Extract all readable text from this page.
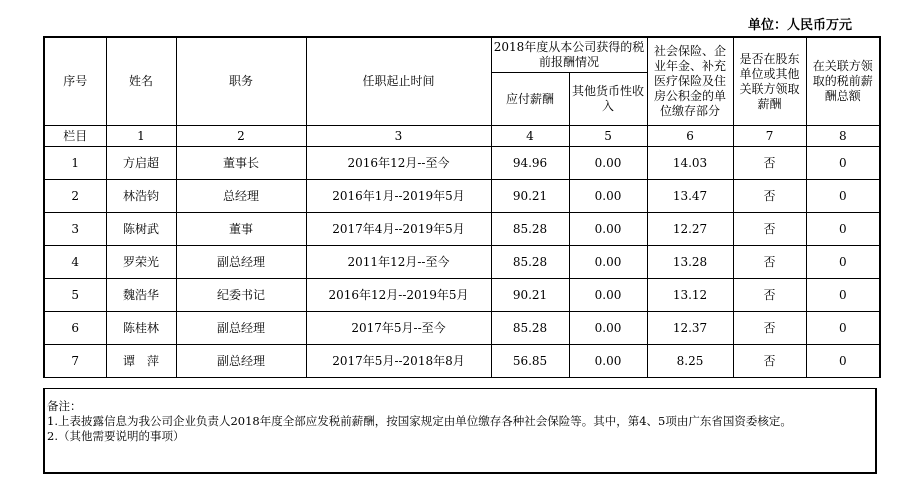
单位：人民币万元
序号	姓名	职务	任职起止时间	2018年度从本公司获得的税前报酬情况		社会保险、企业年金、补充医疗保险及住房公积金的单位缴存部分	是否在股东单位或其他关联方领取薪酬	在关联方领取的税前薪酬总额
				应付薪酬	其他货币性收入			
栏目	1	2	3	4	5	6	7	8
1	方启超	董事长	2016年12月--至今	94.96	0.00	14.03	否	0
2	林浩钧	总经理	2016年1月--2019年5月	90.21	0.00	13.47	否	0
3	陈树武	董事	2017年4月--2019年5月	85.28	0.00	12.27	否	0
4	罗荣光	副总经理	2011年12月--至今	85.28	0.00	13.28	否	0
5	魏浩华	纪委书记	2016年12月--2019年5月	90.21	0.00	13.12	否	0
6	陈桂林	副总经理	2017年5月--至今	85.28	0.00	12.37	否	0
7	谭　萍	副总经理	2017年5月--2018年8月	56.85	0.00	8.25	否	0
备注：
1.上表披露信息为我公司企业负责人2018年度全部应发税前薪酬，按国家规定由单位缴存各种社会保险等。其中，第4、5项由广东省国资委核定。
2.（其他需要说明的事项）
